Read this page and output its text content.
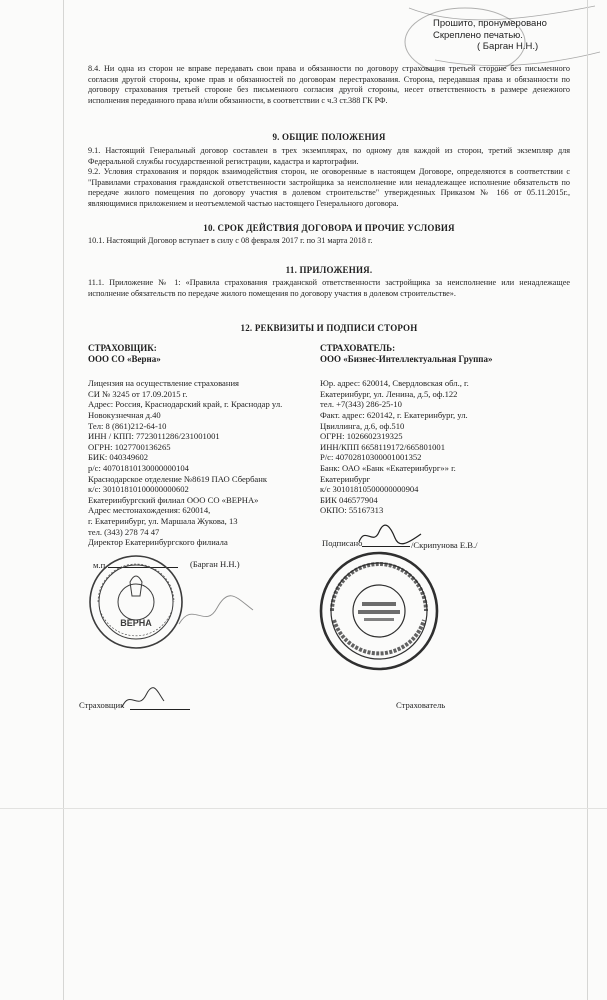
Прошито, пронумеровано
Скреплено печатью.
( Барган Н.Н.)

8.4. Ни одна из сторон не вправе передавать свои права и обязанности по договору страхования третьей стороне без письменного согласия другой стороны, кроме прав и обязанностей по договорам перестрахования. Сторона, передавшая права и обязанности по договору страхования третьей стороне без письменного согласия другой стороны, несет ответственность в размере денежного исполнения переданного права и/или обязанности, в соответствии с ч.3 ст.388 ГК РФ.

9. ОБЩИЕ ПОЛОЖЕНИЯ

9.1. Настоящий Генеральный договор составлен в трех экземплярах, по одному для каждой из сторон, третий экземпляр для Федеральной службы государственной регистрации, кадастра и картографии.

9.2. Условия страхования и порядок взаимодействия сторон, не оговоренные в настоящем Договоре, определяются в соответствии с "Правилами страхования гражданской ответственности застройщика за неисполнение или ненадлежащее исполнение обязательств по передаче жилого помещения по договору участия в долевом строительстве" утвержденных Приказом № 166 от 05.11.2015г., являющимися приложением и неотъемлемой частью настоящего Генерального договора.

10. СРОК ДЕЙСТВИЯ ДОГОВОРА И ПРОЧИЕ УСЛОВИЯ

10.1. Настоящий Договор вступает в силу с 08 февраля 2017 г. по 31 марта 2018 г.

11. ПРИЛОЖЕНИЯ.

11.1. Приложение № 1: «Правила страхования гражданской ответственности застройщика за неисполнение или ненадлежащее исполнение обязательств по передаче жилого помещения по договору участия в долевом строительстве».

12. РЕКВИЗИТЫ И ПОДПИСИ СТОРОН
СТРАХОВЩИК:
ООО СО «Верна»
Лицензия на осуществление страхования
СИ № 3245 от 17.09.2015 г.
Адрес: Россия, Краснодарский край, г. Краснодар ул.
Новокузнечная д.40
Тел: 8 (861)212-64-10
ИНН / КПП: 7723011286/231001001
ОГРН: 1027700136265
БИК: 040349602
р/с: 40701810130000000104
Краснодарское отделение №8619 ПАО Сбербанк
к/с: 30101810100000000602
Екатеринбургский филиал ООО СО «ВЕРНА»
Адрес местонахождения: 620014,
г. Екатеринбург, ул. Маршала Жукова, 13
тел. (343) 278 74 47
СТРАХОВАТЕЛЬ:
ООО «Бизнес-Интеллектуальная Группа»
Юр. адрес: 620014, Свердловская обл., г.
Екатеринбург, ул. Ленина, д.5, оф.122
тел. +7(343) 286-25-10
Факт. адрес: 620142, г. Екатеринбург, ул.
Цвиллинга, д.6, оф.510
ОГРН: 1026602319325
ИНН/КПП 6658119172/665801001
Р/с: 40702810300001001352
Банк: ОАО «Банк «Екатеринбург»» г.
Екатеринбург
к/с 30101810500000000904
БИК 046577904
ОКПО: 55167313
Директор Екатеринбургского филиала
м.п.	(Барган Н.Н.)
ВЕРНА
Подписано	/Скрипунова Е.В./
Страховщик	Страхователь
